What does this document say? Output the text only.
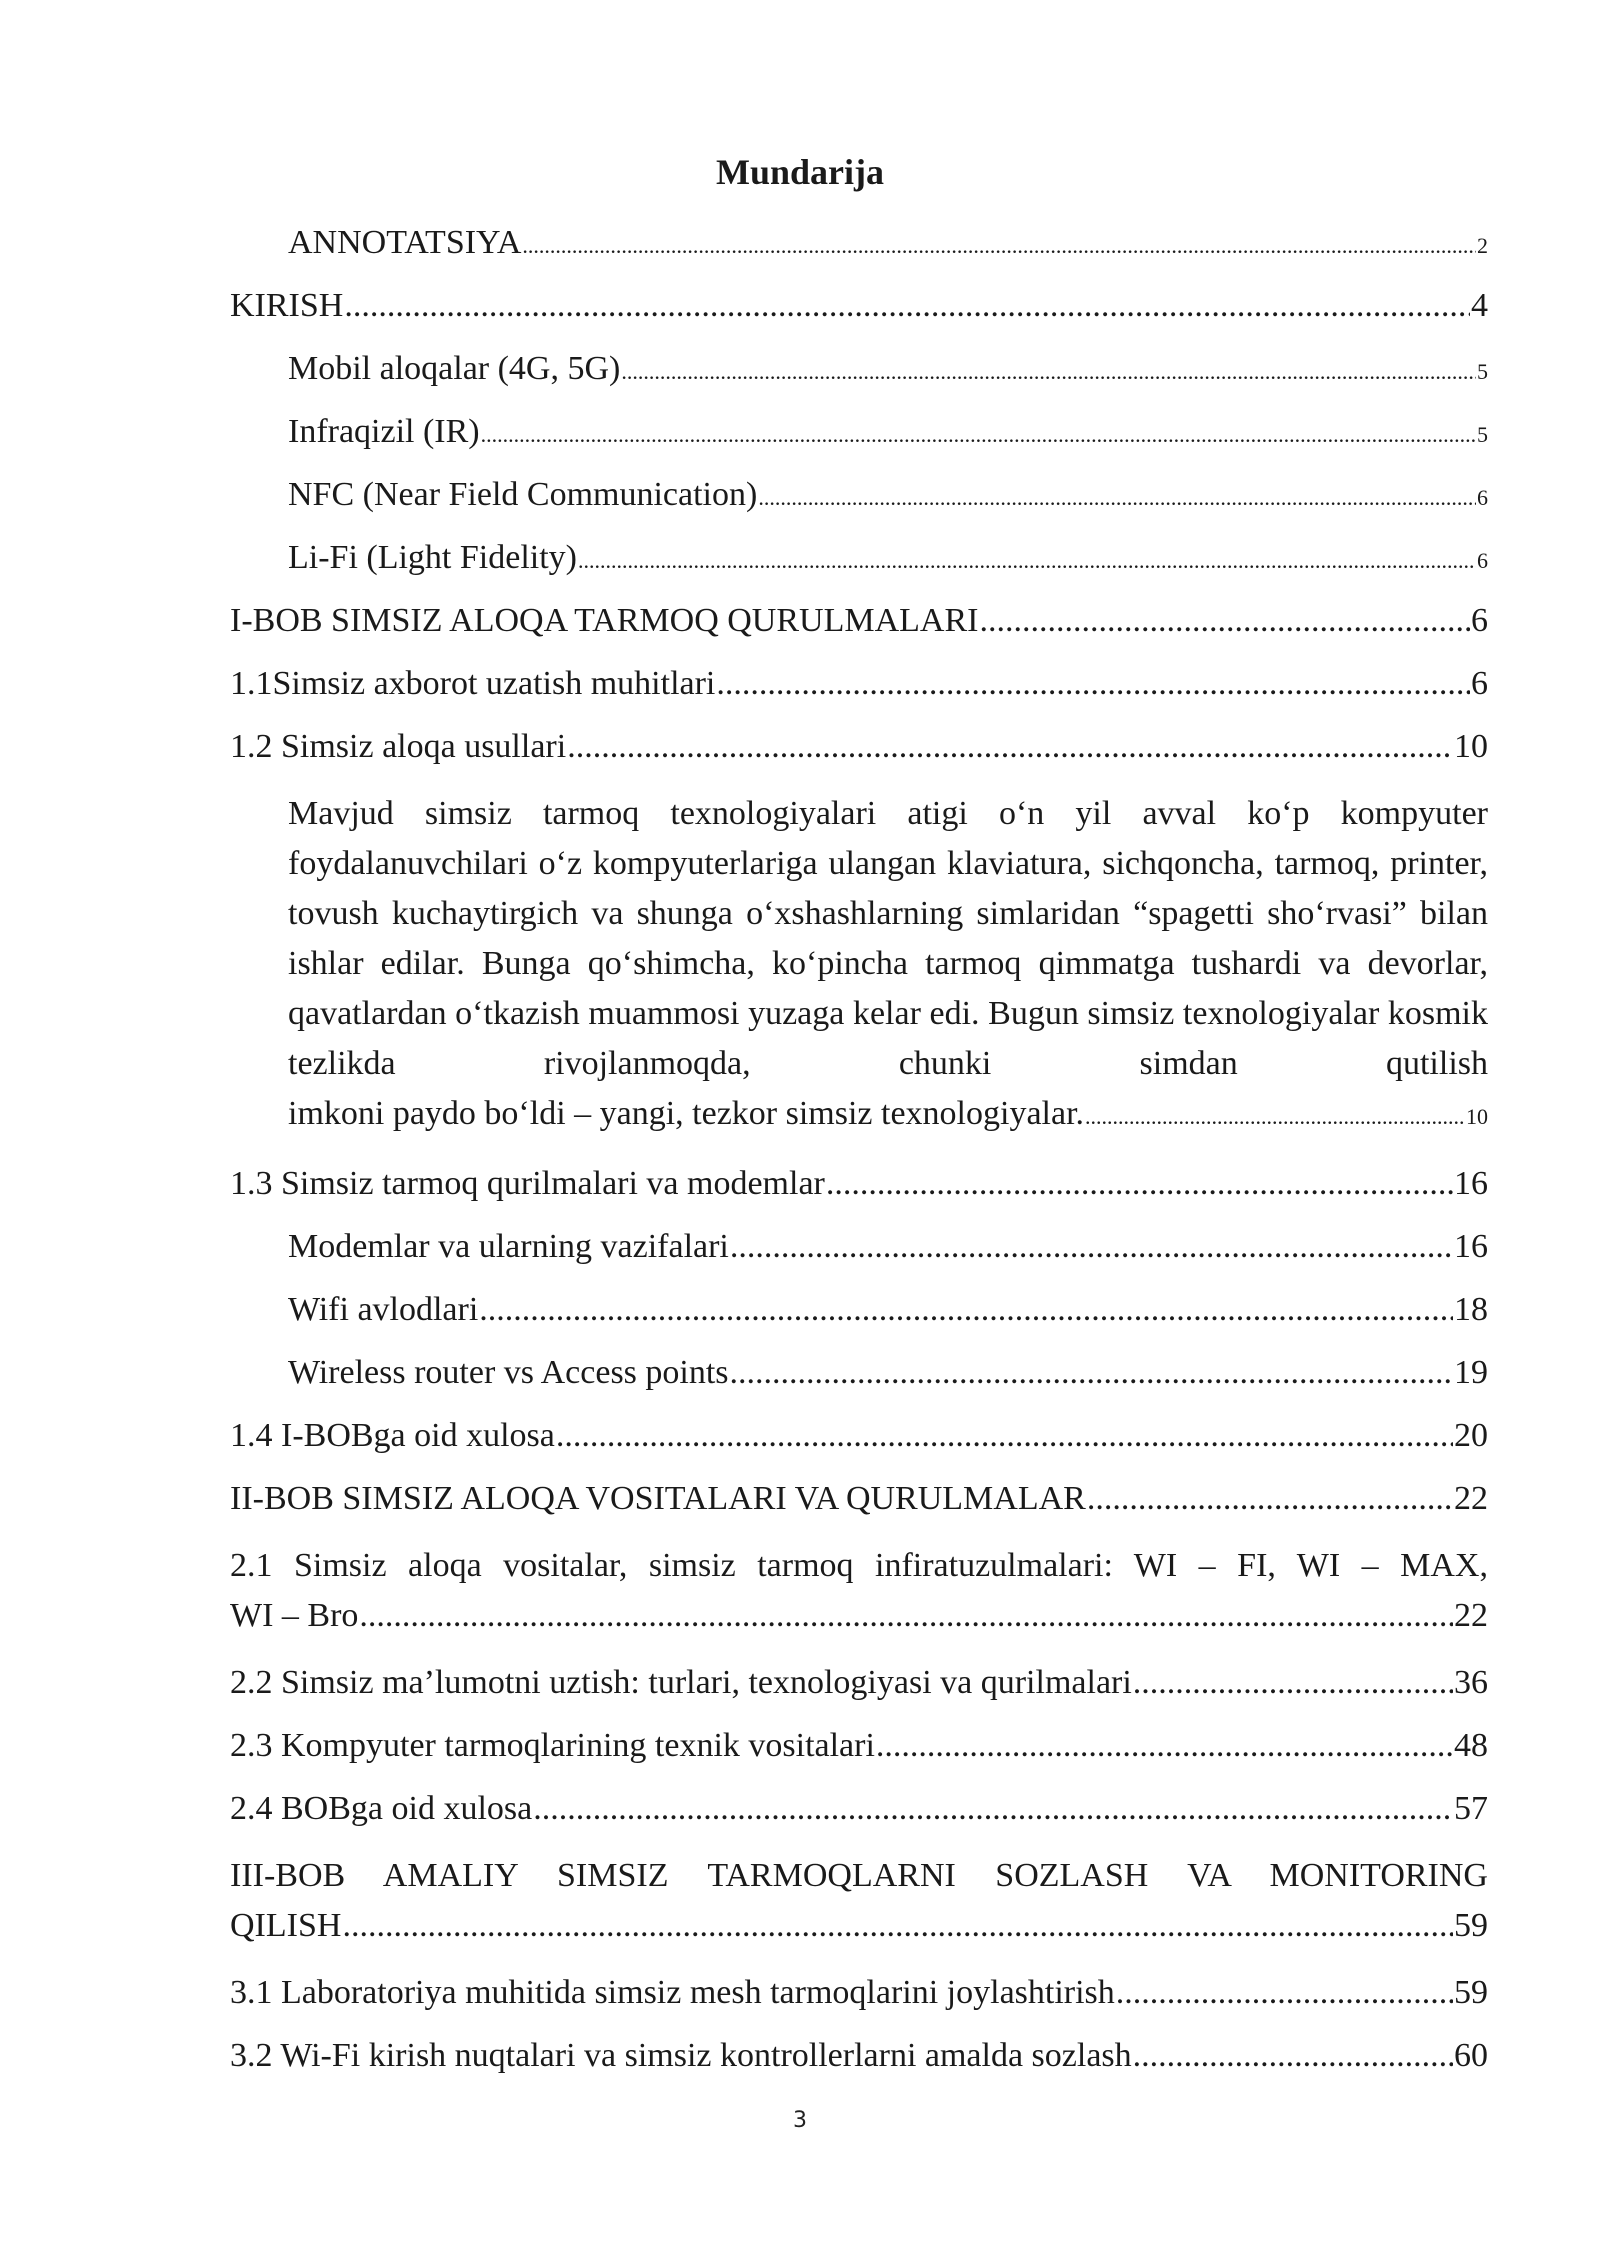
Mundarija
ANNOTATSIYA .....	2
KIRISH .....	4
Mobil aloqalar (4G, 5G) .....	5
Infraqizil (IR) .....	5
NFC (Near Field Communication) .....	6
Li-Fi (Light Fidelity) .....	6
I-BOB SIMSIZ ALOQA TARMOQ QURULMALARI .....	6
1.1Simsiz axborot uzatish muhitlari .....	6
1.2 Simsiz aloqa usullari .....	10
Mavjud simsiz tarmoq texnologiyalari atigi o‘n yil avval ko‘p kompyuter foydalanuvchilari o‘z kompyuterlariga ulangan klaviatura, sichqoncha, tarmoq, printer, tovush kuchaytirgich va shunga o‘xshashlarning simlaridan “spagetti sho‘rvasi” bilan ishlar edilar. Bunga qo‘shimcha, ko‘pincha tarmoq qimmatga tushardi va devorlar, qavatlardan o‘tkazish muammosi yuzaga kelar edi. Bugun simsiz texnologiyalar kosmik tezlikda rivojlanmoqda, chunki simdan qutilish
imkoni paydo bo‘ldi – yangi, tezkor simsiz texnologiyalar. .....	10
1.3 Simsiz tarmoq qurilmalari va modemlar .....	16
Modemlar va ularning vazifalari .....	16
Wifi avlodlari .....	18
Wireless router vs Access points .....	19
1.4 I-BOBga oid xulosa .....	20
II-BOB SIMSIZ ALOQA VOSITALARI VA QURULMALAR .....	22
2.1 Simsiz aloqa vositalar, simsiz tarmoq infiratuzulmalari: WI – FI, WI – MAX,
WI – Bro .....	22
2.2 Simsiz ma’lumotni uztish: turlari, texnologiyasi va qurilmalari .....	36
2.3 Kompyuter tarmoqlarining texnik vositalari .....	48
2.4 BOBga oid xulosa .....	57
III-BOB AMALIY SIMSIZ TARMOQLARNI SOZLASH VA MONITORING
QILISH .....	59
3.1 Laboratoriya muhitida simsiz mesh tarmoqlarini joylashtirish .....	59
3.2 Wi-Fi kirish nuqtalari va simsiz kontrollerlarni amalda sozlash .....	60
3
